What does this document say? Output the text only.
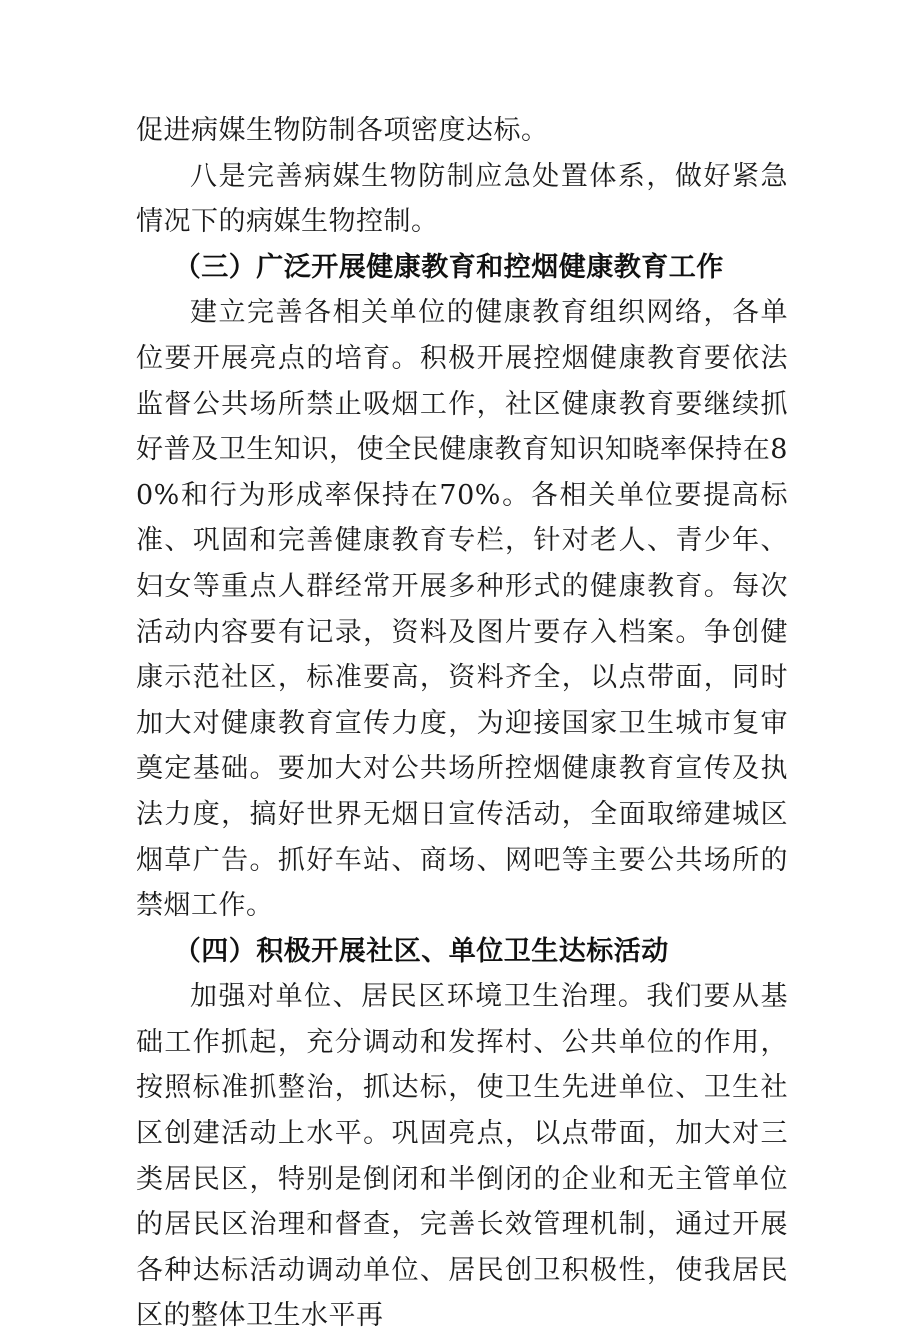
促进病媒生物防制各项密度达标。

八是完善病媒生物防制应急处置体系，做好紧急情况下的病媒生物控制。

（三）广泛开展健康教育和控烟健康教育工作

建立完善各相关单位的健康教育组织网络，各单位要开展亮点的培育。积极开展控烟健康教育要依法监督公共场所禁止吸烟工作，社区健康教育要继续抓好普及卫生知识，使全民健康教育知识知晓率保持在80%和行为形成率保持在70%。各相关单位要提高标准、巩固和完善健康教育专栏，针对老人、青少年、妇女等重点人群经常开展多种形式的健康教育。每次活动内容要有记录，资料及图片要存入档案。争创健康示范社区，标准要高，资料齐全，以点带面，同时加大对健康教育宣传力度，为迎接国家卫生城市复审奠定基础。要加大对公共场所控烟健康教育宣传及执法力度，搞好世界无烟日宣传活动，全面取缔建城区烟草广告。抓好车站、商场、网吧等主要公共场所的禁烟工作。

（四）积极开展社区、单位卫生达标活动

加强对单位、居民区环境卫生治理。我们要从基础工作抓起，充分调动和发挥村、公共单位的作用，按照标准抓整治，抓达标，使卫生先进单位、卫生社区创建活动上水平。巩固亮点，以点带面，加大对三类居民区，特别是倒闭和半倒闭的企业和无主管单位的居民区治理和督查，完善长效管理机制，通过开展各种达标活动调动单位、居民创卫积极性，使我居民区的整体卫生水平再
